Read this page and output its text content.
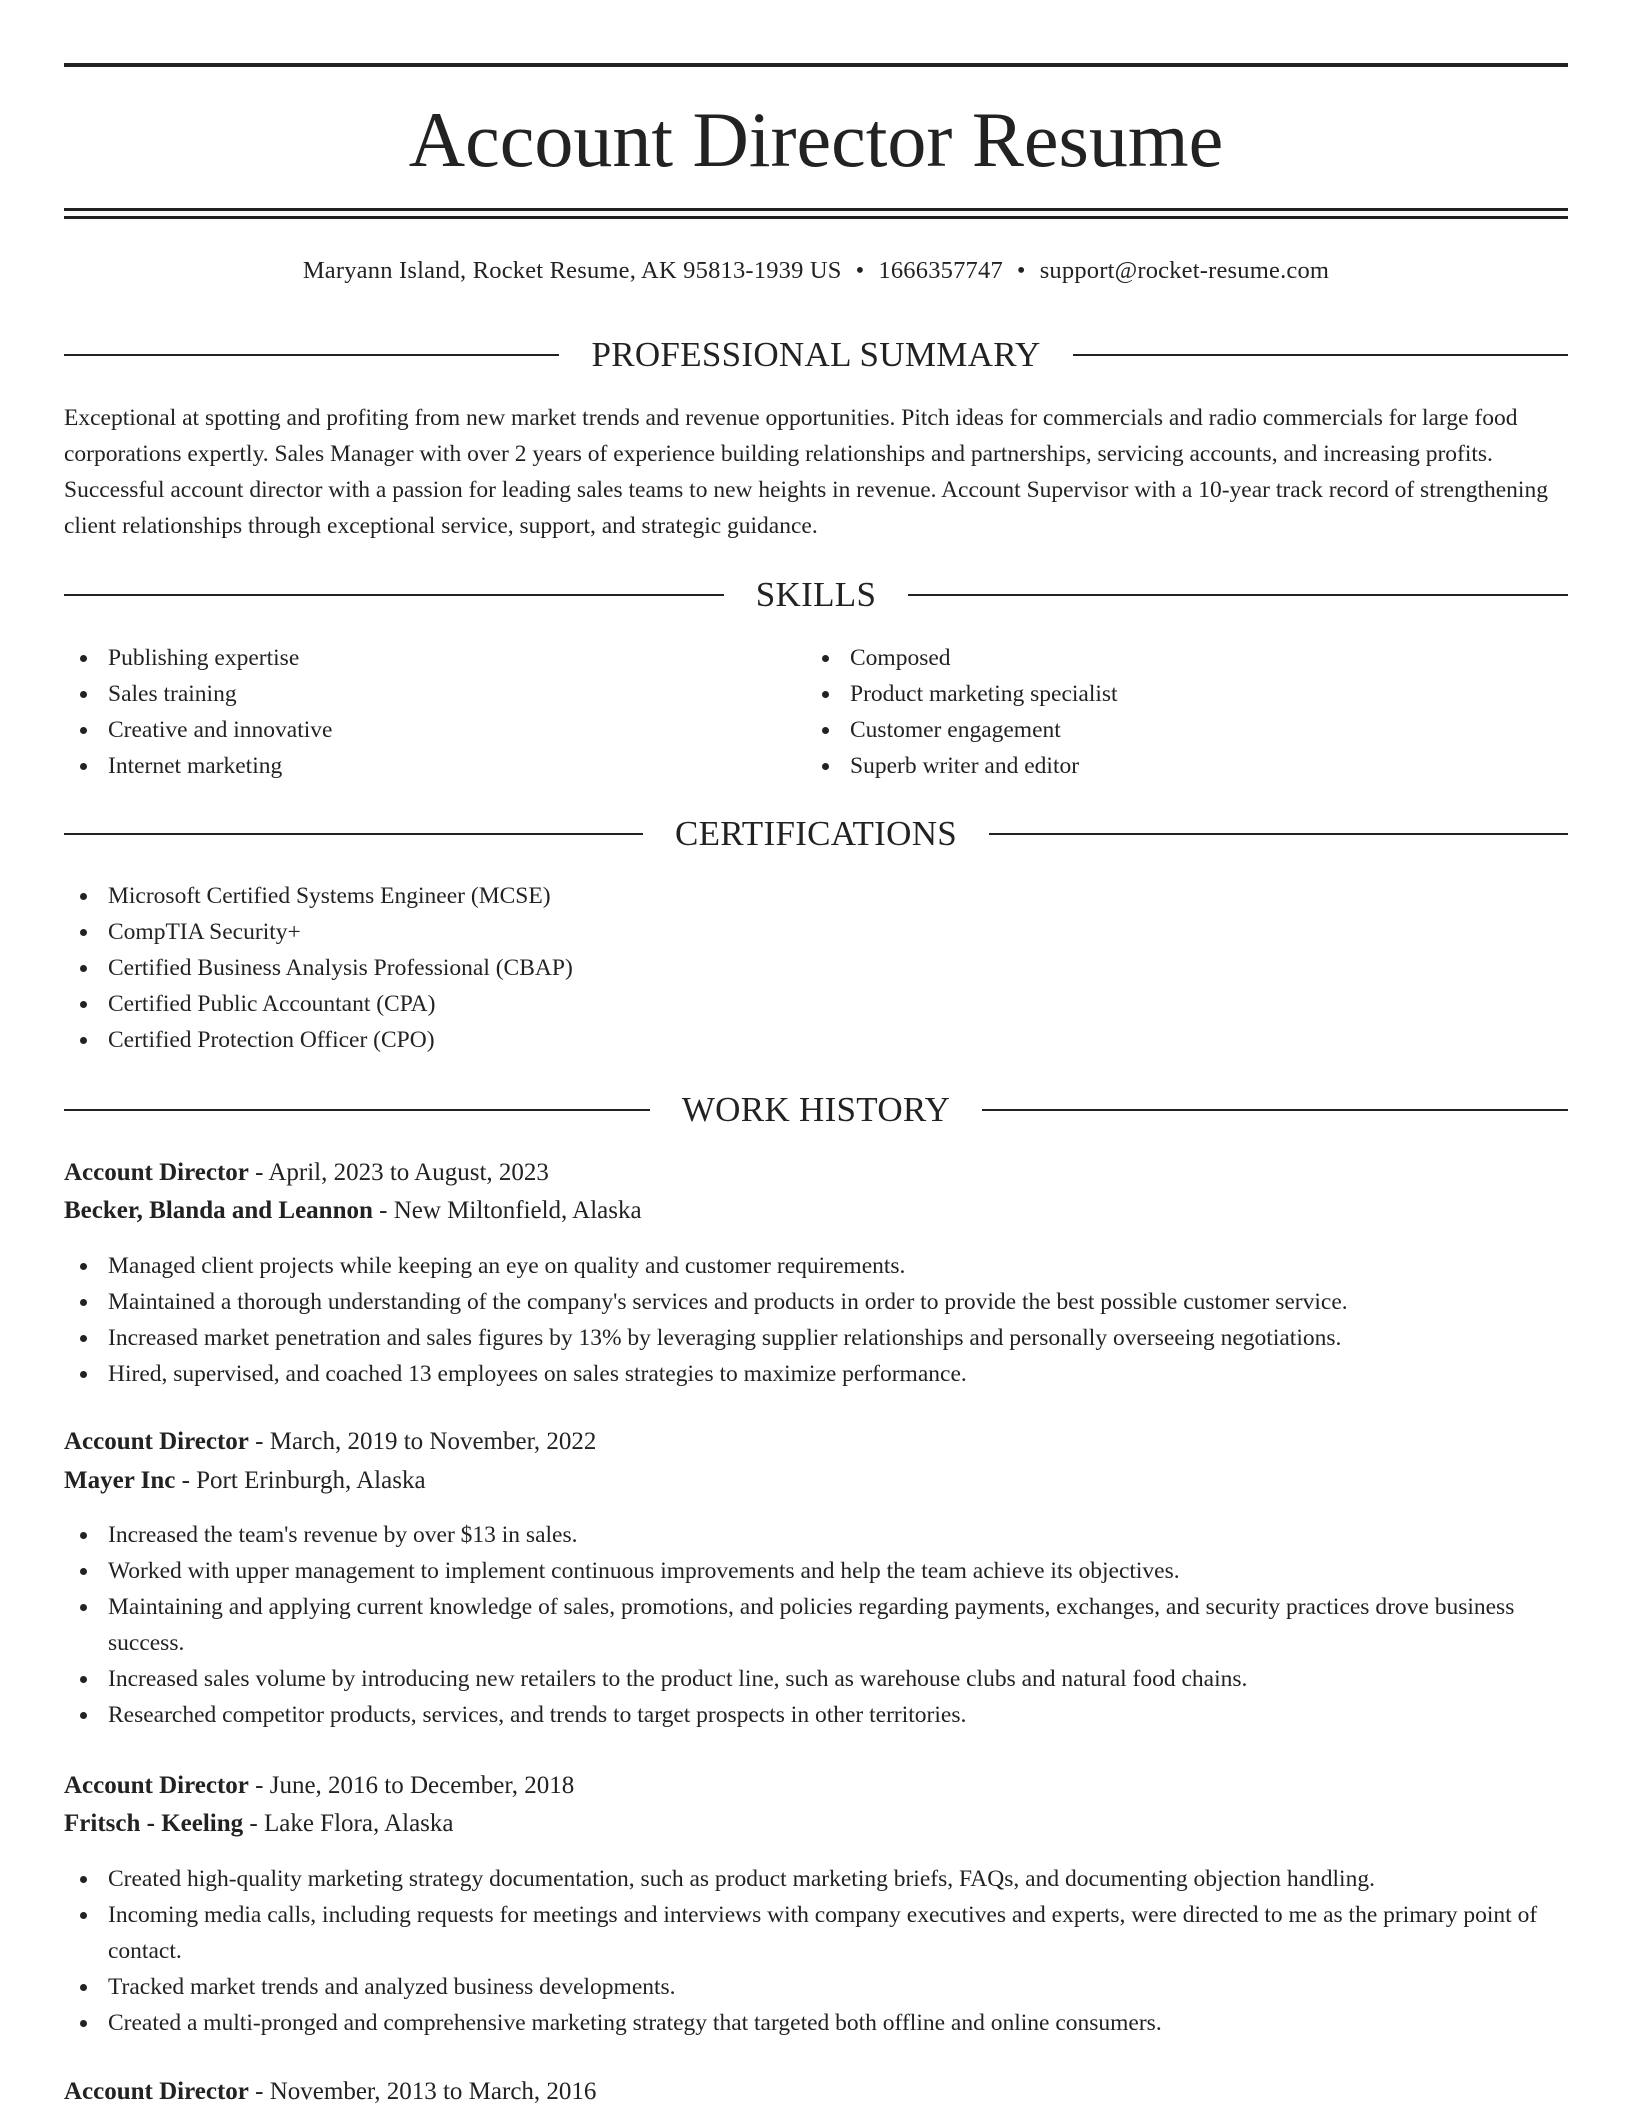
Account Director Resume
Maryann Island, Rocket Resume, AK 95813-1939 US • 1666357747 • support@rocket-resume.com
PROFESSIONAL SUMMARY

Exceptional at spotting and profiting from new market trends and revenue opportunities. Pitch ideas for commercials and radio commercials for large food corporations expertly. Sales Manager with over 2 years of experience building relationships and partnerships, servicing accounts, and increasing profits. Successful account director with a passion for leading sales teams to new heights in revenue. Account Supervisor with a 10-year track record of strengthening client relationships through exceptional service, support, and strategic guidance.

SKILLS
Publishing expertise
Sales training
Creative and innovative
Internet marketing
Composed
Product marketing specialist
Customer engagement
Superb writer and editor
CERTIFICATIONS
Microsoft Certified Systems Engineer (MCSE)
CompTIA Security+
Certified Business Analysis Professional (CBAP)
Certified Public Accountant (CPA)
Certified Protection Officer (CPO)
WORK HISTORY
Account Director - April, 2023 to August, 2023
Becker, Blanda and Leannon - New Miltonfield, Alaska
Managed client projects while keeping an eye on quality and customer requirements.
Maintained a thorough understanding of the company's services and products in order to provide the best possible customer service.
Increased market penetration and sales figures by 13% by leveraging supplier relationships and personally overseeing negotiations.
Hired, supervised, and coached 13 employees on sales strategies to maximize performance.
Account Director - March, 2019 to November, 2022
Mayer Inc - Port Erinburgh, Alaska
Increased the team's revenue by over $13 in sales.
Worked with upper management to implement continuous improvements and help the team achieve its objectives.
Maintaining and applying current knowledge of sales, promotions, and policies regarding payments, exchanges, and security practices drove business success.
Increased sales volume by introducing new retailers to the product line, such as warehouse clubs and natural food chains.
Researched competitor products, services, and trends to target prospects in other territories.
Account Director - June, 2016 to December, 2018
Fritsch - Keeling - Lake Flora, Alaska
Created high-quality marketing strategy documentation, such as product marketing briefs, FAQs, and documenting objection handling.
Incoming media calls, including requests for meetings and interviews with company executives and experts, were directed to me as the primary point of contact.
Tracked market trends and analyzed business developments.
Created a multi-pronged and comprehensive marketing strategy that targeted both offline and online consumers.
Account Director - November, 2013 to March, 2016
